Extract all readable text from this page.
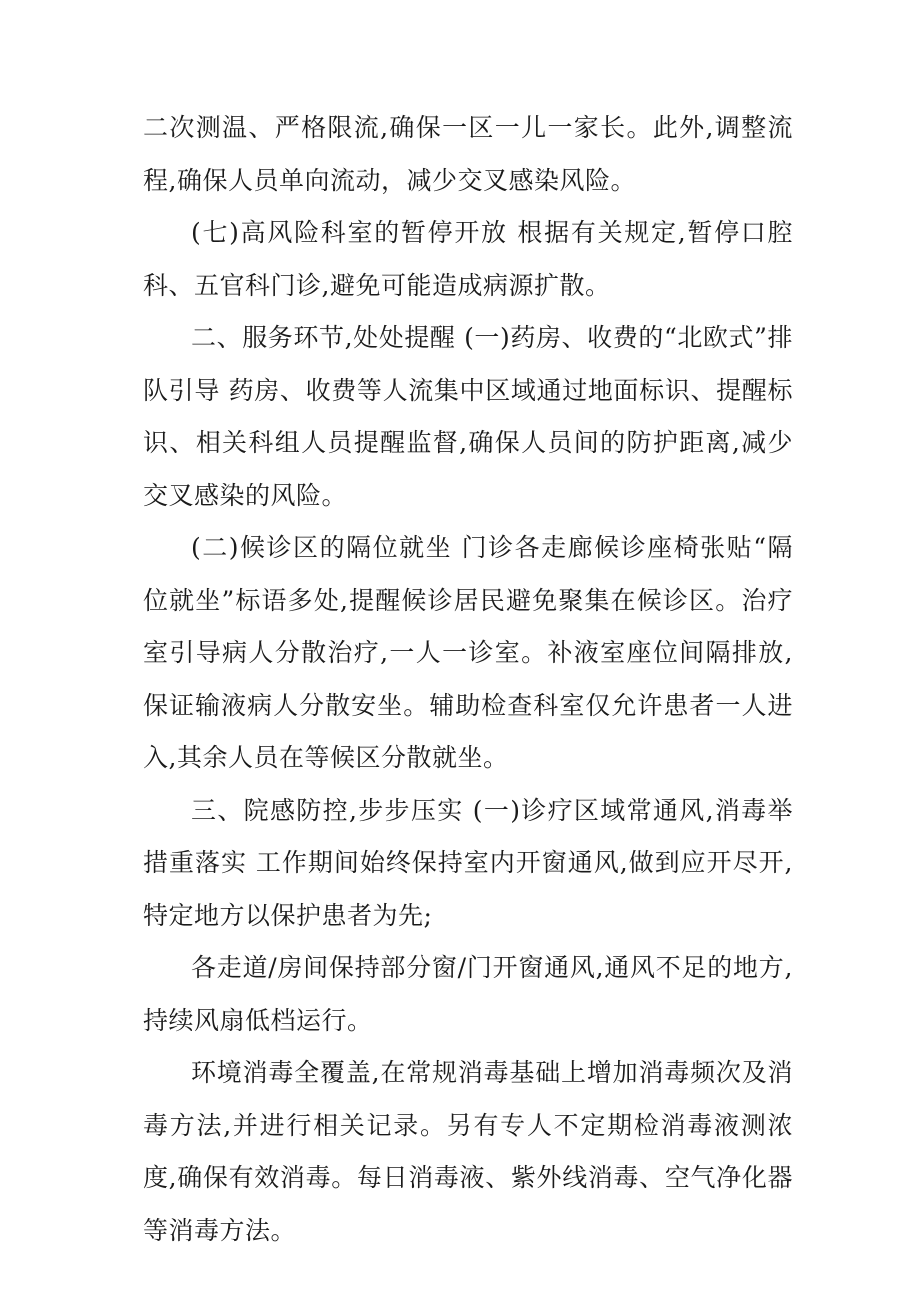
二次测温、严格限流,确保一区一儿一家长。此外,调整流程,确保人员单向流动，减少交叉感染风险。

(七)高风险科室的暂停开放 根据有关规定,暂停口腔科、五官科门诊,避免可能造成病源扩散。

二、服务环节,处处提醒 (一)药房、收费的“北欧式”排队引导 药房、收费等人流集中区域通过地面标识、提醒标识、相关科组人员提醒监督,确保人员间的防护距离,减少交叉感染的风险。

(二)候诊区的隔位就坐 门诊各走廊候诊座椅张贴“隔位就坐”标语多处,提醒候诊居民避免聚集在候诊区。治疗室引导病人分散治疗,一人一诊室。补液室座位间隔排放,保证输液病人分散安坐。辅助检查科室仅允许患者一人进入,其余人员在等候区分散就坐。

三、院感防控,步步压实 (一)诊疗区域常通风,消毒举措重落实 工作期间始终保持室内开窗通风,做到应开尽开,特定地方以保护患者为先;

各走道/房间保持部分窗/门开窗通风,通风不足的地方,持续风扇低档运行。

环境消毒全覆盖,在常规消毒基础上增加消毒频次及消毒方法,并进行相关记录。另有专人不定期检消毒液测浓度,确保有效消毒。每日消毒液、紫外线消毒、空气净化器等消毒方法。
